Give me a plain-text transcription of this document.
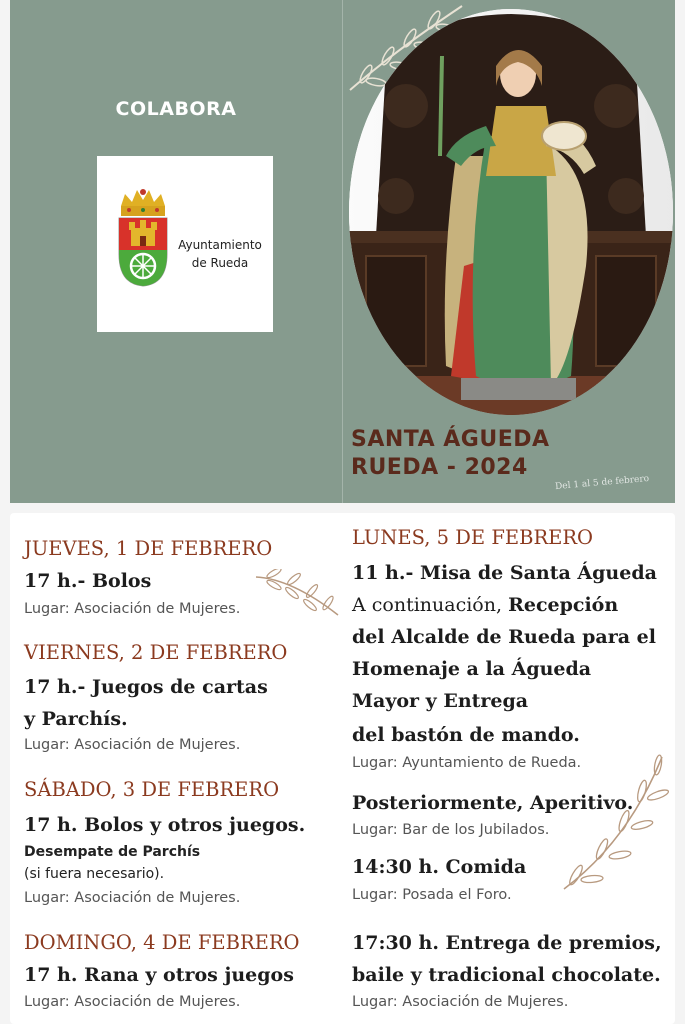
COLABORA
Ayuntamiento
de Rueda
SANTA ÁGUEDA
RUEDA - 2024
Del 1 al 5 de febrero
JUEVES, 1 DE FEBRERO
17 h.- Bolos
Lugar: Asociación de Mujeres.
VIERNES, 2 DE FEBRERO
17 h.- Juegos de cartas
y Parchís.
Lugar: Asociación de Mujeres.
SÁBADO, 3 DE FEBRERO
17 h. Bolos y otros juegos.
Desempate de Parchís
(si fuera necesario).
Lugar: Asociación de Mujeres.
DOMINGO, 4 DE FEBRERO
17 h. Rana y otros juegos
Lugar: Asociación de Mujeres.
LUNES, 5 DE FEBRERO
11 h.- Misa de Santa Águeda
A continuación, Recepción
del Alcalde de Rueda para el
Homenaje a la Águeda
Mayor y Entrega
del bastón de mando.
Lugar: Ayuntamiento de Rueda.
Posteriormente, Aperitivo.
Lugar: Bar de los Jubilados.
14:30 h. Comida
Lugar: Posada el Foro.
17:30 h. Entrega de premios,
baile y tradicional chocolate.
Lugar: Asociación de Mujeres.
